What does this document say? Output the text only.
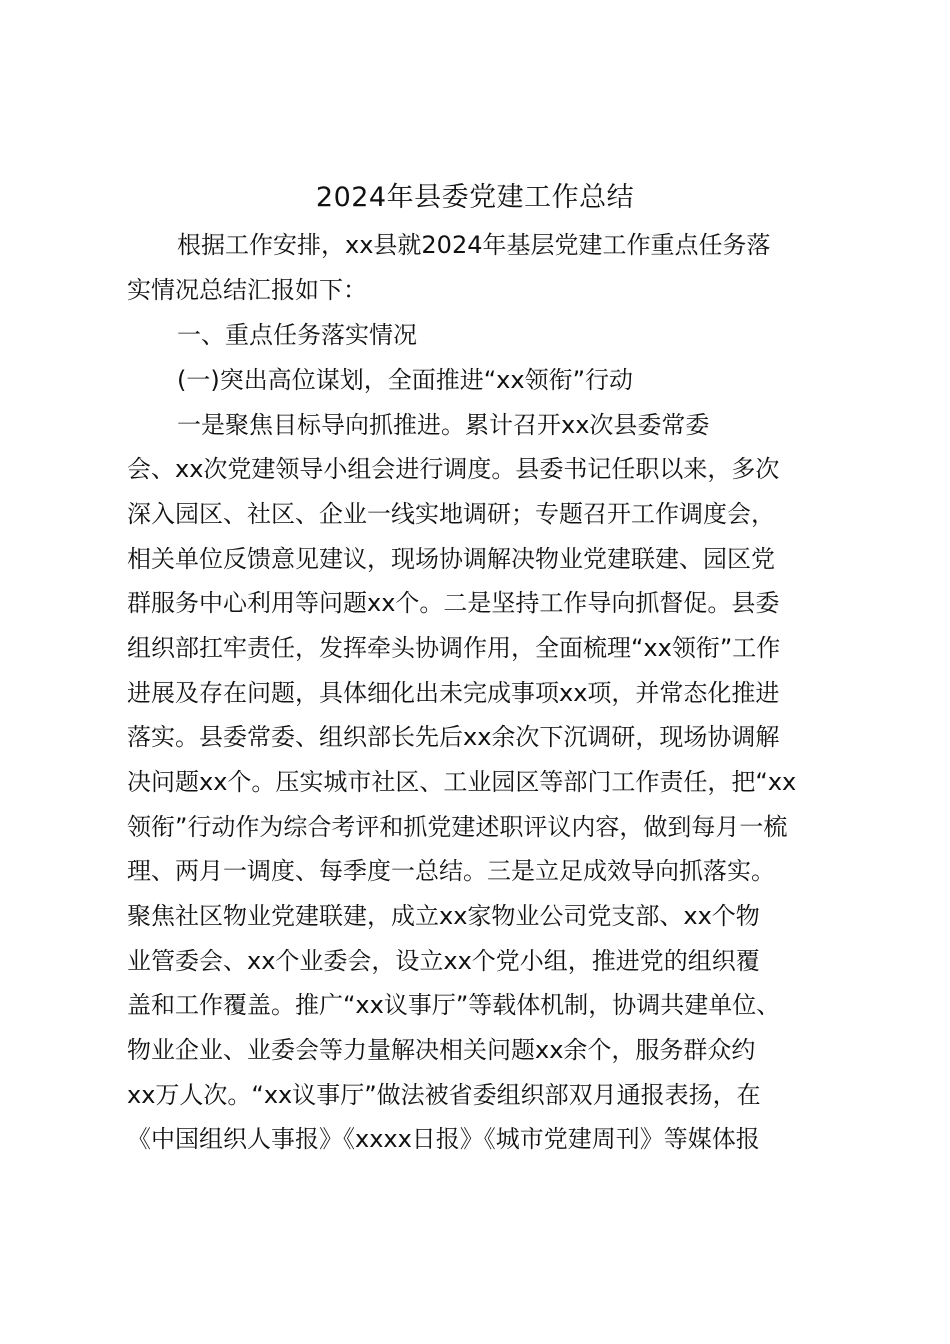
2024年县委党建工作总结
根据工作安排，xx县就2024年基层党建工作重点任务落
实情况总结汇报如下：
一、重点任务落实情况
(一)突出高位谋划，全面推进“xx领衔”行动
一是聚焦目标导向抓推进。累计召开xx次县委常委
会、xx次党建领导小组会进行调度。县委书记任职以来，多次
深入园区、社区、企业一线实地调研；专题召开工作调度会，
相关单位反馈意见建议，现场协调解决物业党建联建、园区党
群服务中心利用等问题xx个。二是坚持工作导向抓督促。县委
组织部扛牢责任，发挥牵头协调作用，全面梳理“xx领衔”工作
进展及存在问题，具体细化出未完成事项xx项，并常态化推进
落实。县委常委、组织部长先后xx余次下沉调研，现场协调解
决问题xx个。压实城市社区、工业园区等部门工作责任，把“xx
领衔”行动作为综合考评和抓党建述职评议内容，做到每月一梳
理、两月一调度、每季度一总结。三是立足成效导向抓落实。
聚焦社区物业党建联建，成立xx家物业公司党支部、xx个物
业管委会、xx个业委会，设立xx个党小组，推进党的组织覆
盖和工作覆盖。推广“xx议事厅”等载体机制，协调共建单位、
物业企业、业委会等力量解决相关问题xx余个，服务群众约
xx万人次。“xx议事厅”做法被省委组织部双月通报表扬，在
《中国组织人事报》《xxxx日报》《城市党建周刊》等媒体报
